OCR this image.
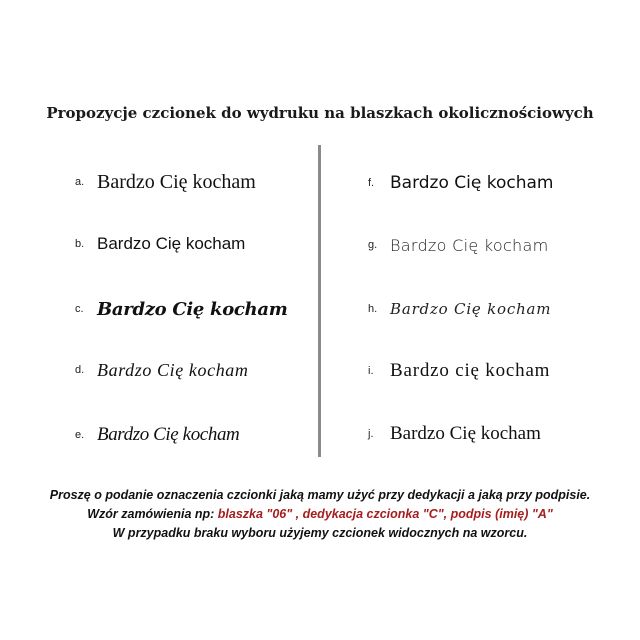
Propozycje czcionek do wydruku na blaszkach okolicznościowych
a. Bardzo Cię kocham
b. Bardzo Cię kocham
c. Bardzo Cię kocham
d. Bardzo Cię kocham
e. Bardzo Cię kocham
f. Bardzo Cię kocham
g. Bardzo Cię kocham
h. Bardzo Cię kocham
i. Bardzo cię kocham
j. Bardzo Cię kocham
Proszę o podanie oznaczenia czcionki jaką mamy użyć przy dedykacji a jaką przy podpisie.
Wzór zamówienia np: blaszka "06" , dedykacja czcionka "C", podpis (imię) "A"
W przypadku braku wyboru użyjemy czcionek widocznych na wzorcu.
